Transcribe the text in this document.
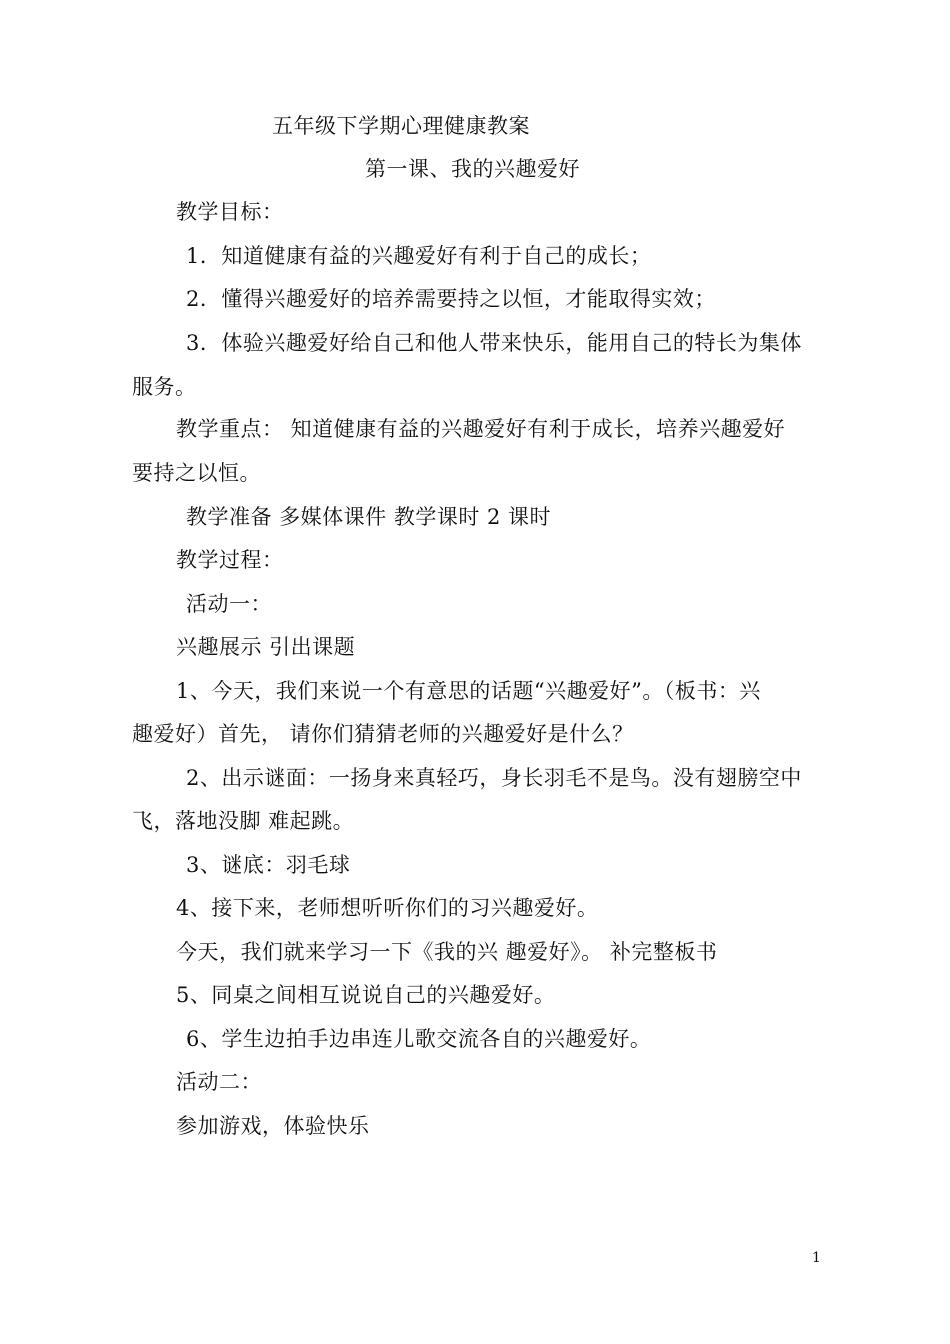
五年级下学期心理健康教案
第一课、我的兴趣爱好
教学目标：
1．知道健康有益的兴趣爱好有利于自己的成长；
2．懂得兴趣爱好的培养需要持之以恒，才能取得实效；
3．体验兴趣爱好给自己和他人带来快乐，能用自己的特长为集体
服务。
教学重点： 知道健康有益的兴趣爱好有利于成长，培养兴趣爱好
要持之以恒。
教学准备 多媒体课件 教学课时 2 课时
教学过程：
活动一：
兴趣展示 引出课题
1、今天，我们来说一个有意思的话题“兴趣爱好”。（板书：兴
趣爱好）首先， 请你们猜猜老师的兴趣爱好是什么？
2、出示谜面：一扬身来真轻巧，身长羽毛不是鸟。没有翅膀空中
飞，落地没脚 难起跳。
3、谜底：羽毛球
4、接下来，老师想听听你们的习兴趣爱好。
今天，我们就来学习一下《我的兴 趣爱好》。 补完整板书
5、同桌之间相互说说自己的兴趣爱好。
6、学生边拍手边串连儿歌交流各自的兴趣爱好。
活动二：
参加游戏，体验快乐
1
